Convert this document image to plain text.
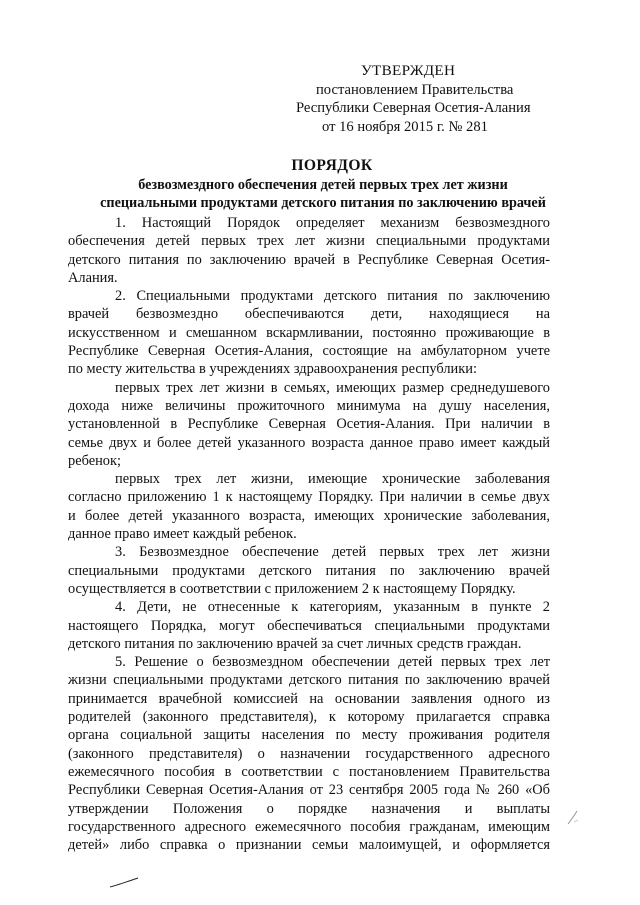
УТВЕРЖДЕН
постановлением Правительства
Республики Северная Осетия-Алания
от 16 ноября 2015 г. № 281
ПОРЯДОК
безвозмездного обеспечения детей первых трех лет жизни
специальными продуктами детского питания по заключению врачей
1. Настоящий Порядок определяет механизм безвозмездного
обеспечения детей первых трех лет жизни специальными продуктами
детского питания по заключению врачей в Республике Северная Осетия-
Алания.
2. Специальными продуктами детского питания по заключению
врачей безвозмездно обеспечиваются дети, находящиеся на
искусственном и смешанном вскармливании, постоянно проживающие в
Республике Северная Осетия-Алания, состоящие на амбулаторном учете
по месту жительства в учреждениях здравоохранения республики:
первых трех лет жизни в семьях, имеющих размер среднедушевого
дохода ниже величины прожиточного минимума на душу населения,
установленной в Республике Северная Осетия-Алания. При наличии в
семье двух и более детей указанного возраста данное право имеет каждый
ребенок;
первых трех лет жизни, имеющие хронические заболевания
согласно приложению 1 к настоящему Порядку. При наличии в семье двух
и более детей указанного возраста, имеющих хронические заболевания,
данное право имеет каждый ребенок.
3. Безвозмездное обеспечение детей первых трех лет жизни
специальными продуктами детского питания по заключению врачей
осуществляется в соответствии с приложением 2 к настоящему Порядку.
4. Дети, не отнесенные к категориям, указанным в пункте 2
настоящего Порядка, могут обеспечиваться специальными продуктами
детского питания по заключению врачей за счет личных средств граждан.
5. Решение о безвозмездном обеспечении детей первых трех лет
жизни специальными продуктами детского питания по заключению врачей
принимается врачебной комиссией на основании заявления одного из
родителей (законного представителя), к которому прилагается справка
органа социальной защиты населения по месту проживания родителя
(законного представителя) о назначении государственного адресного
ежемесячного пособия в соответствии с постановлением Правительства
Республики Северная Осетия-Алания от 23 сентября 2005 года № 260 «Об
утверждении Положения о порядке назначения и выплаты
государственного адресного ежемесячного пособия гражданам, имеющим
детей» либо справка о признании семьи малоимущей, и оформляется
